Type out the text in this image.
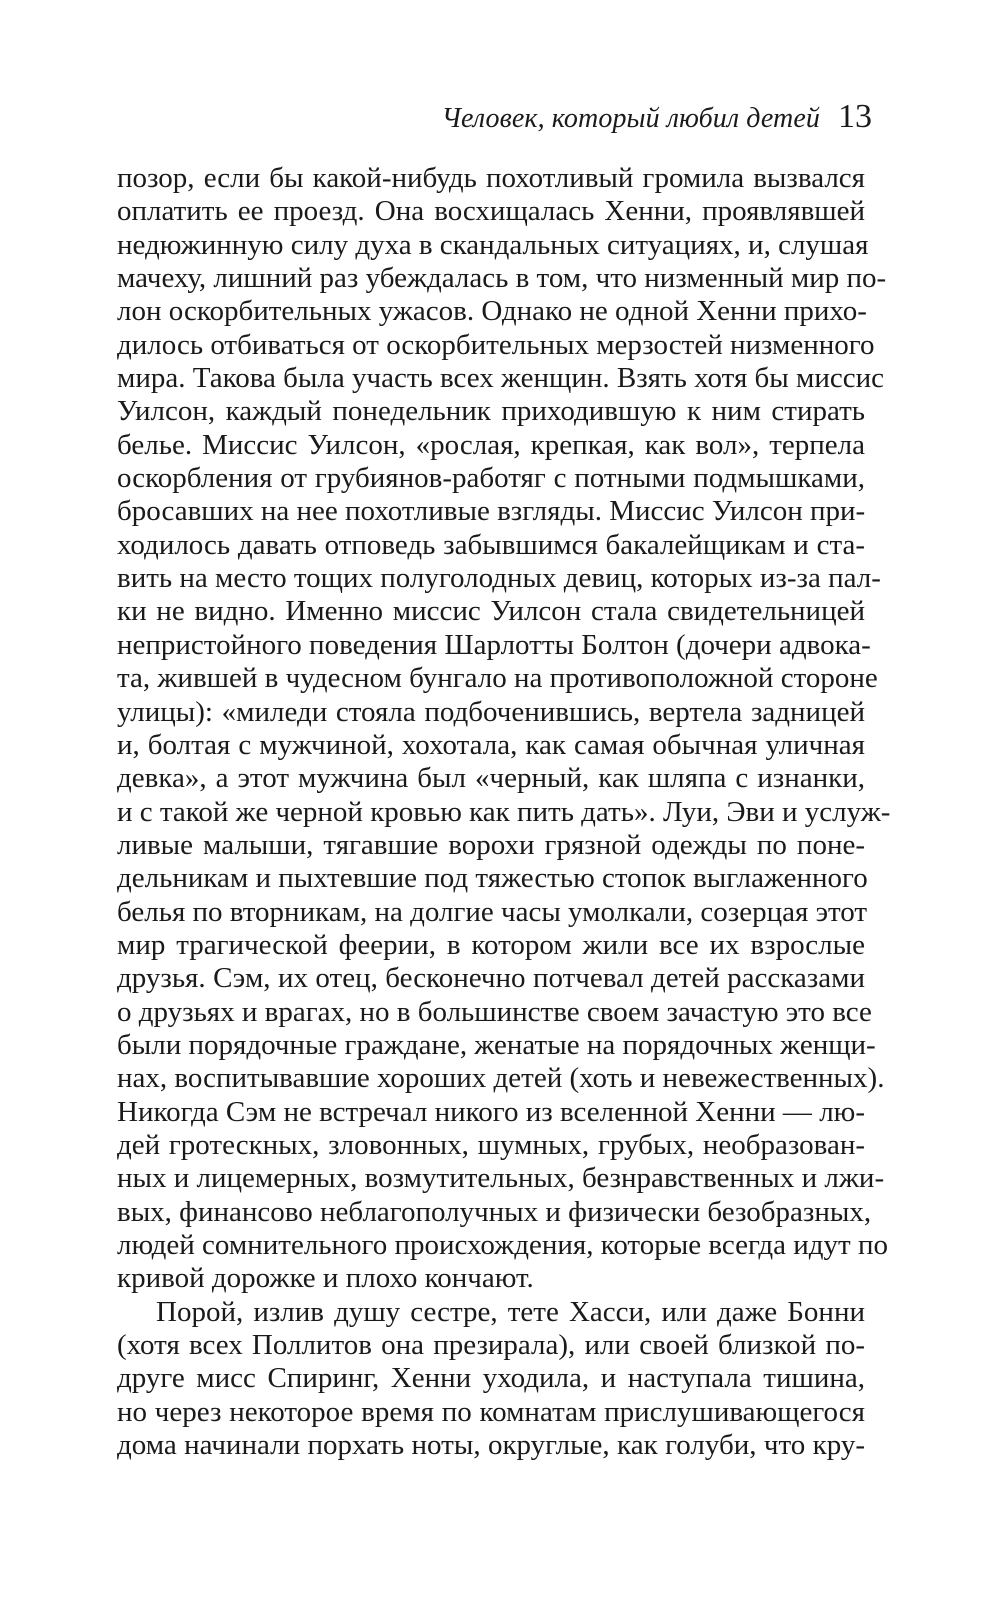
Человек, который любил детей 13
позор, если бы какой-нибудь похотливый громила вызвался
оплатить ее проезд. Она восхищалась Хенни, проявлявшей
недюжинную силу духа в скандальных ситуациях, и, слушая
мачеху, лишний раз убеждалась в том, что низменный мир по-
лон оскорбительных ужасов. Однако не одной Хенни прихо-
дилось отбиваться от оскорбительных мерзостей низменного
мира. Такова была участь всех женщин. Взять хотя бы миссис
Уилсон, каждый понедельник приходившую к ним стирать
белье. Миссис Уилсон, «рослая, крепкая, как вол», терпела
оскорбления от грубиянов-работяг с потными подмышками,
бросавших на нее похотливые взгляды. Миссис Уилсон при-
ходилось давать отповедь забывшимся бакалейщикам и ста-
вить на место тощих полуголодных девиц, которых из-за пал-
ки не видно. Именно миссис Уилсон стала свидетельницей
непристойного поведения Шарлотты Болтон (дочери адвока-
та, жившей в чудесном бунгало на противоположной стороне
улицы): «миледи стояла подбоченившись, вертела задницей
и, болтая с мужчиной, хохотала, как самая обычная уличная
девка», а этот мужчина был «черный, как шляпа с изнанки,
и с такой же черной кровью как пить дать». Луи, Эви и услуж-
ливые малыши, тягавшие ворохи грязной одежды по поне-
дельникам и пыхтевшие под тяжестью стопок выглаженного
белья по вторникам, на долгие часы умолкали, созерцая этот
мир трагической феерии, в котором жили все их взрослые
друзья. Сэм, их отец, бесконечно потчевал детей рассказами
о друзьях и врагах, но в большинстве своем зачастую это все
были порядочные граждане, женатые на порядочных женщи-
нах, воспитывавшие хороших детей (хоть и невежественных).
Никогда Сэм не встречал никого из вселенной Хенни — лю-
дей гротескных, зловонных, шумных, грубых, необразован-
ных и лицемерных, возмутительных, безнравственных и лжи-
вых, финансово неблагополучных и физически безобразных,
людей сомнительного происхождения, которые всегда идут по
кривой дорожке и плохо кончают.
Порой, излив душу сестре, тете Хасси, или даже Бонни
(хотя всех Поллитов она презирала), или своей близкой по-
друге мисс Спиринг, Хенни уходила, и наступала тишина,
но через некоторое время по комнатам прислушивающегося
дома начинали порхать ноты, округлые, как голуби, что кру-
